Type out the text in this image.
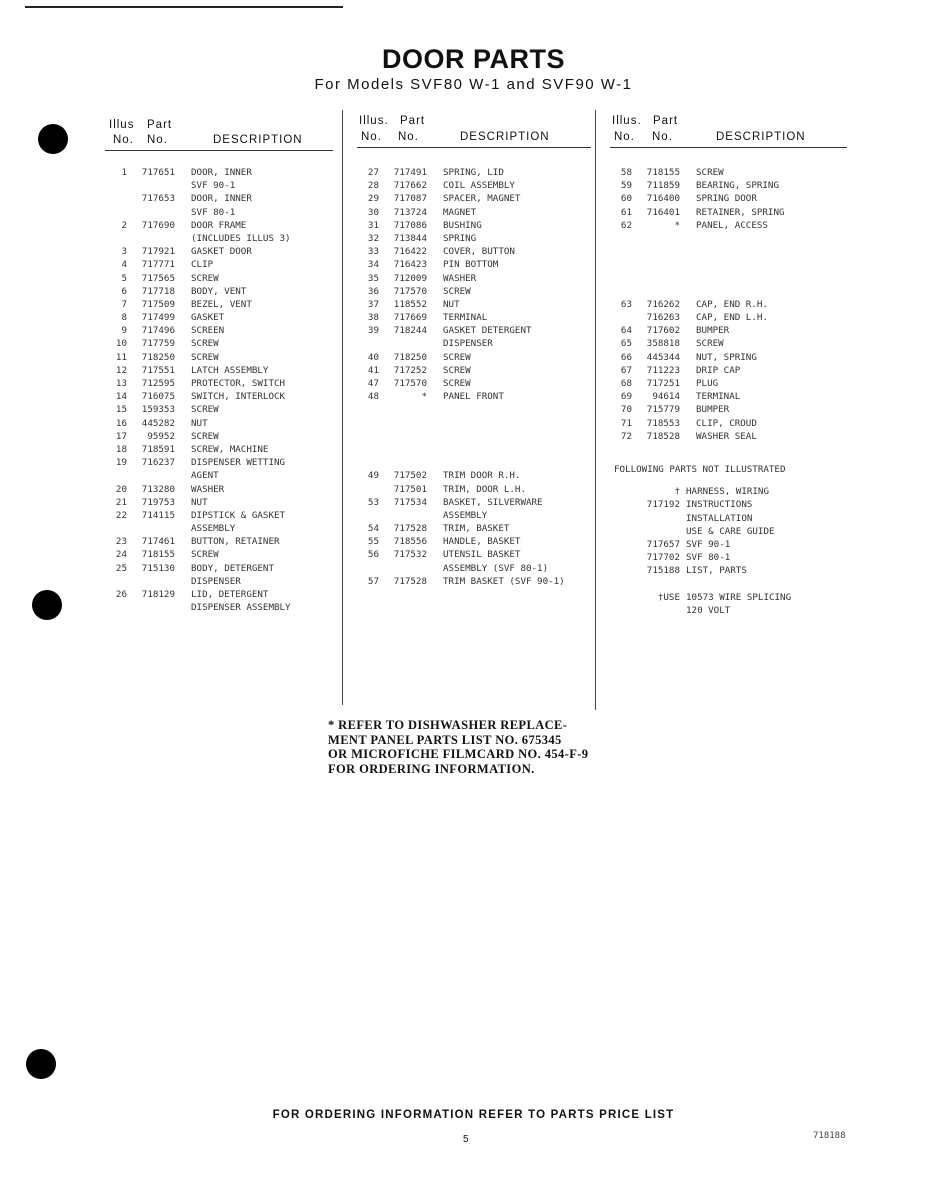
DOOR PARTS
For Models SVF80 W-1 and SVF90 W-1
Illus Part
No. No.	DESCRIPTION
1	717651 DOOR, INNER
SVF 90-1
717653 DOOR, INNER
SVF 80-1
2	717690 DOOR FRAME
(INCLUDES ILLUS 3)
3	717921 GASKET DOOR
4	717771 CLIP
5	717565 SCREW
6	717718 BODY, VENT
7	717509 BEZEL, VENT
8	717499 GASKET
9	717496 SCREEN
10	717759 SCREW
11	718250 SCREW
12	717551 LATCH ASSEMBLY
13	712595 PROTECTOR, SWITCH
14	716075 SWITCH, INTERLOCK
15	159353 SCREW
16	445282 NUT
17	95952 SCREW
18	718591 SCREW, MACHINE
19	716237 DISPENSER WETTING
AGENT
20	713280 WASHER
21	719753 NUT
22	714115 DIPSTICK & GASKET
ASSEMBLY
23	717461 BUTTON, RETAINER
24	718155 SCREW
25	715130 BODY, DETERGENT
DISPENSER
26	718129 LID, DETERGENT
DISPENSER ASSEMBLY
Illus. Part
No. No.	DESCRIPTION
27	717491 SPRING, LID
28	717662 COIL ASSEMBLY
29	717087 SPACER, MAGNET
30	713724 MAGNET
31	717086 BUSHING
32	713844 SPRING
33	716422 COVER, BUTTON
34	716423 PIN BOTTOM
35	712009 WASHER
36	717570 SCREW
37	118552 NUT
38	717669 TERMINAL
39	718244 GASKET DETERGENT
DISPENSER
40	718250 SCREW
41	717252 SCREW
47	717570 SCREW
48	* PANEL FRONT
49	717502 TRIM DOOR R.H.
717501 TRIM, DOOR L.H.
53	717534 BASKET, SILVERWARE
ASSEMBLY
54	717528 TRIM, BASKET
55	718556 HANDLE, BASKET
56	717532 UTENSIL BASKET
ASSEMBLY (SVF 80-1)
57	717528 TRIM BASKET (SVF 90-1)
Illus. Part
No. No.	DESCRIPTION
58	718155 SCREW
59	711859 BEARING, SPRING
60	716400 SPRING DOOR
61	716401 RETAINER, SPRING
62	* PANEL, ACCESS
63	716262 CAP, END R.H.
716263 CAP, END L.H.
64	717602 BUMPER
65	358818 SCREW
66	445344 NUT, SPRING
67	711223 DRIP CAP
68	717251 PLUG
69	94614 TERMINAL
70	715779 BUMPER
71	718553 CLIP, CROUD
72	718528 WASHER SEAL
FOLLOWING PARTS NOT ILLUSTRATED
† HARNESS, WIRING
717192 INSTRUCTIONS
INSTALLATION
USE & CARE GUIDE
717657 SVF 90-1
717702 SVF 80-1
715188 LIST, PARTS
†USE 10573 WIRE SPLICING
120 VOLT
* REFER TO DISHWASHER REPLACE-
MENT PANEL PARTS LIST NO. 675345
OR MICROFICHE FILMCARD NO. 454-F-9
FOR ORDERING INFORMATION.
FOR ORDERING INFORMATION REFER TO PARTS PRICE LIST
5	718188
